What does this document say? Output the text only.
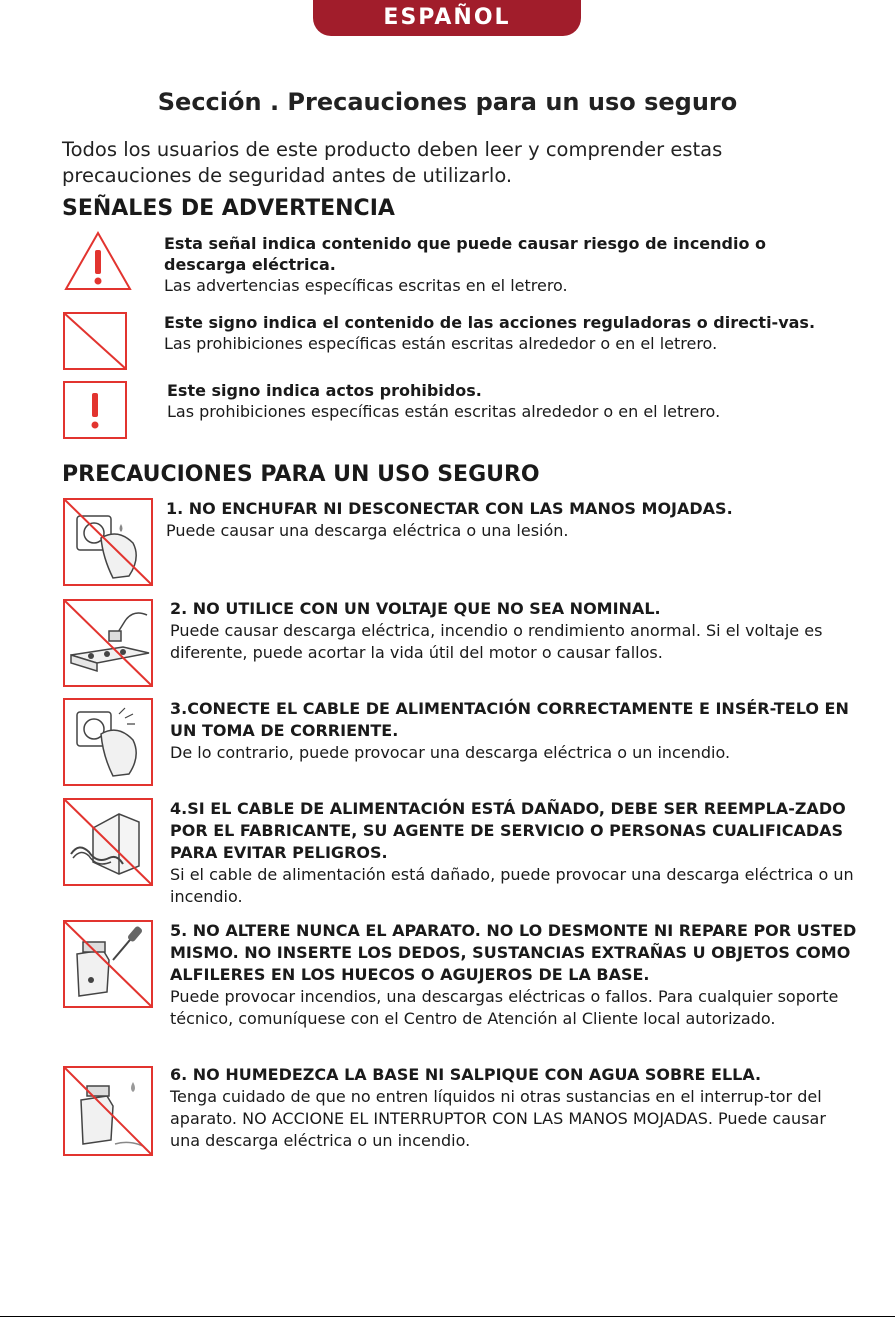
ESPAÑOL
Sección . Precauciones para un uso seguro
Todos los usuarios de este producto deben leer y comprender estas precauciones de seguridad antes de utilizarlo.
SEÑALES DE ADVERTENCIA
Esta señal indica contenido que puede causar riesgo de incendio o descarga eléctrica.
Las advertencias específicas escritas en el letrero.
Este signo indica el contenido de las acciones reguladoras o directi-vas.
Las prohibiciones específicas están escritas alrededor o en el letrero.
Este signo indica actos prohibidos.
Las prohibiciones específicas están escritas alrededor o en el letrero.
PRECAUCIONES PARA UN USO SEGURO
1. NO ENCHUFAR NI DESCONECTAR CON LAS MANOS MOJADAS.
Puede causar una descarga eléctrica o una lesión.
2. NO UTILICE CON UN VOLTAJE QUE NO SEA NOMINAL.
Puede causar descarga eléctrica, incendio o rendimiento anormal. Si el voltaje es diferente, puede acortar la vida útil del motor o causar fallos.
3.CONECTE EL CABLE DE ALIMENTACIÓN CORRECTAMENTE E INSÉR-TELO EN UN TOMA DE CORRIENTE.
De lo contrario, puede provocar una descarga eléctrica o un incendio.
4.SI EL CABLE DE ALIMENTACIÓN ESTÁ DAÑADO, DEBE SER REEMPLA-ZADO POR EL FABRICANTE, SU AGENTE DE SERVICIO O PERSONAS CUALIFICADAS PARA EVITAR PELIGROS.
Si el cable de alimentación está dañado, puede provocar una descarga eléctrica o un incendio.
5. NO ALTERE NUNCA EL APARATO. NO LO DESMONTE NI REPARE POR USTED MISMO. NO INSERTE LOS DEDOS, SUSTANCIAS EXTRAÑAS U OBJETOS COMO ALFILERES EN LOS HUECOS O AGUJEROS DE LA BASE.
Puede provocar incendios, una descargas eléctricas o fallos. Para cualquier soporte técnico, comuníquese con el Centro de Atención al Cliente local autorizado.
6. NO HUMEDEZCA LA BASE NI SALPIQUE CON AGUA SOBRE ELLA.
Tenga cuidado de que no entren líquidos ni otras sustancias en el interrup-tor del aparato. NO ACCIONE EL INTERRUPTOR CON LAS MANOS MOJADAS. Puede causar una descarga eléctrica o un incendio.
